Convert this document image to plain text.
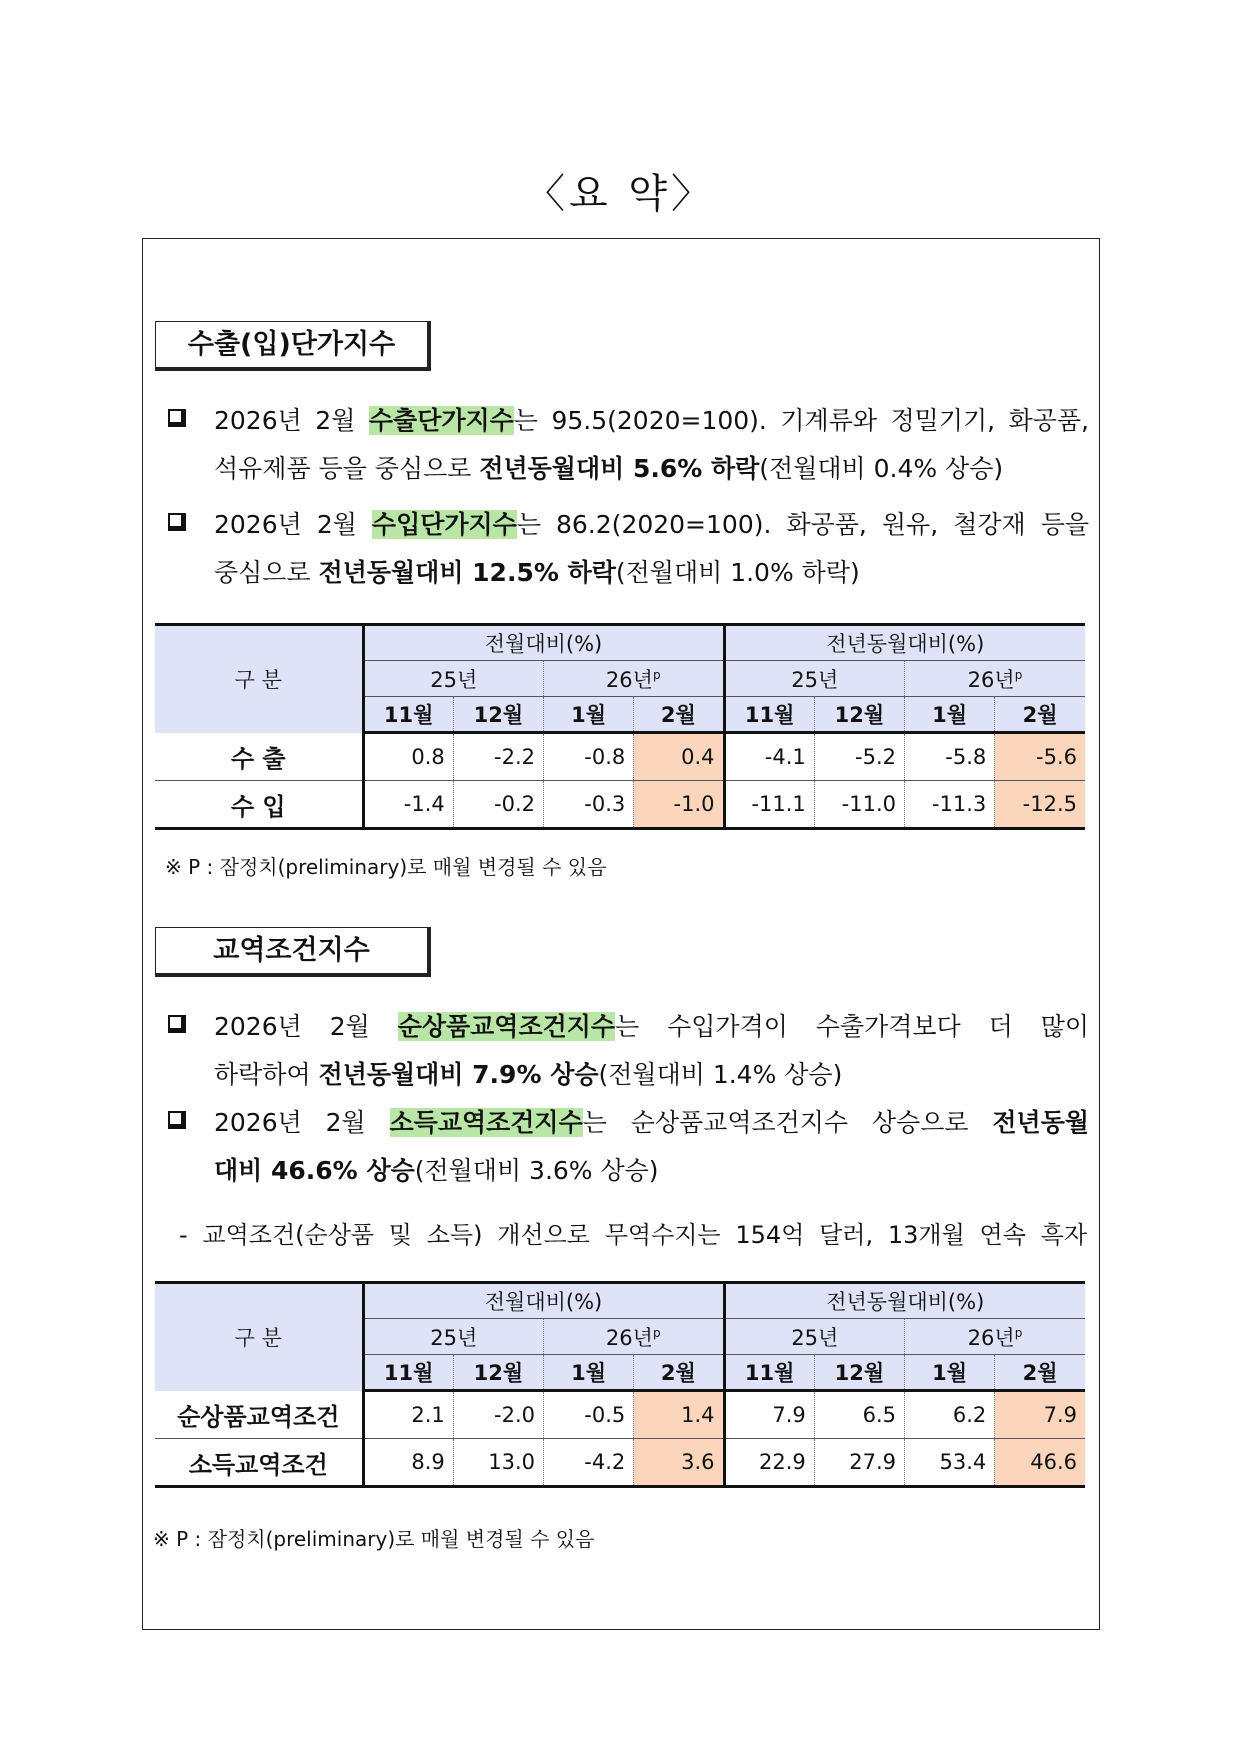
〈요 약〉
수출(입)단가지수
2026년 2월 수출단가지수는 95.5(2020=100). 기계류와 정밀기기, 화공품,
석유제품 등을 중심으로 전년동월대비 5.6% 하락(전월대비 0.4% 상승)
2026년 2월 수입단가지수는 86.2(2020=100). 화공품, 원유, 철강재 등을
중심으로 전년동월대비 12.5% 하락(전월대비 1.0% 하락)
구 분	전월대비(%)				전년동월대비(%)			
	25년		26년$^p$		25년		26년$^p$
	11월	12월	1월	2월	11월	12월	1월	2월
수 출	0.8	-2.2	-0.8	0.4	-4.1	-5.2	-5.8	-5.6
수 입	-1.4	-0.2	-0.3	-1.0	-11.1	-11.0	-11.3	-12.5
※ P : 잠정치(preliminary)로 매월 변경될 수 있음
교역조건지수
2026년 2월 순상품교역조건지수는 수입가격이 수출가격보다 더 많이
하락하여 전년동월대비 7.9% 상승(전월대비 1.4% 상승)
2026년 2월 소득교역조건지수는 순상품교역조건지수 상승으로 전년동월
대비 46.6% 상승(전월대비 3.6% 상승)
- 교역조건(순상품 및 소득) 개선으로 무역수지는 154억 달러, 13개월 연속 흑자
구 분	전월대비(%)				전년동월대비(%)			
	25년		26년$^p$		25년		26년$^p$
	11월	12월	1월	2월	11월	12월	1월	2월
순상품교역조건	2.1	-2.0	-0.5	1.4	7.9	6.5	6.2	7.9
소득교역조건	8.9	13.0	-4.2	3.6	22.9	27.9	53.4	46.6
※ P : 잠정치(preliminary)로 매월 변경될 수 있음
